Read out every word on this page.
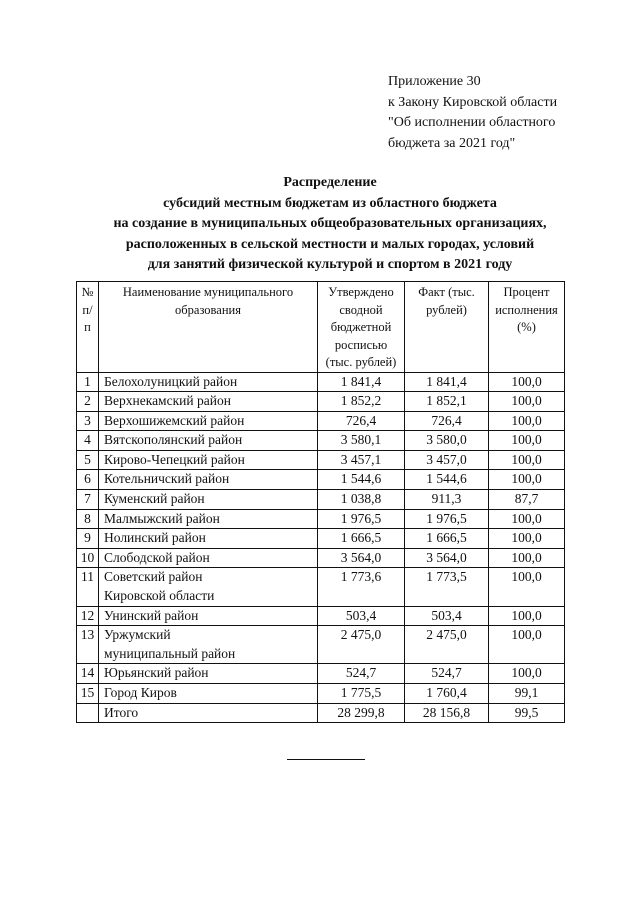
Приложение 30
к Закону Кировской области
"Об исполнении областного
бюджета за 2021 год"
Распределение
субсидий местным бюджетам из областного бюджета
на создание в муниципальных общеобразовательных организациях,
расположенных в сельской местности и малых городах, условий
для занятий физической культурой и спортом в 2021 году
№ п/п	Наименование муниципального образования	Утверждено сводной бюджетной росписью (тыс. рублей)	Факт (тыс. рублей)	Процент исполнения (%)
1	Белохолуницкий район	1 841,4	1 841,4	100,0
2	Верхнекамский район	1 852,2	1 852,1	100,0
3	Верхошижемский район	726,4	726,4	100,0
4	Вятскополянский район	3 580,1	3 580,0	100,0
5	Кирово-Чепецкий район	3 457,1	3 457,0	100,0
6	Котельничский район	1 544,6	1 544,6	100,0
7	Куменский район	1 038,8	911,3	87,7
8	Малмыжский район	1 976,5	1 976,5	100,0
9	Нолинский район	1 666,5	1 666,5	100,0
10	Слободской район	3 564,0	3 564,0	100,0
11	Советский район Кировской области	1 773,6	1 773,5	100,0
12	Унинский район	503,4	503,4	100,0
13	Уржумский муниципальный район	2 475,0	2 475,0	100,0
14	Юрьянский район	524,7	524,7	100,0
15	Город Киров	1 775,5	1 760,4	99,1
	Итого	28 299,8	28 156,8	99,5
